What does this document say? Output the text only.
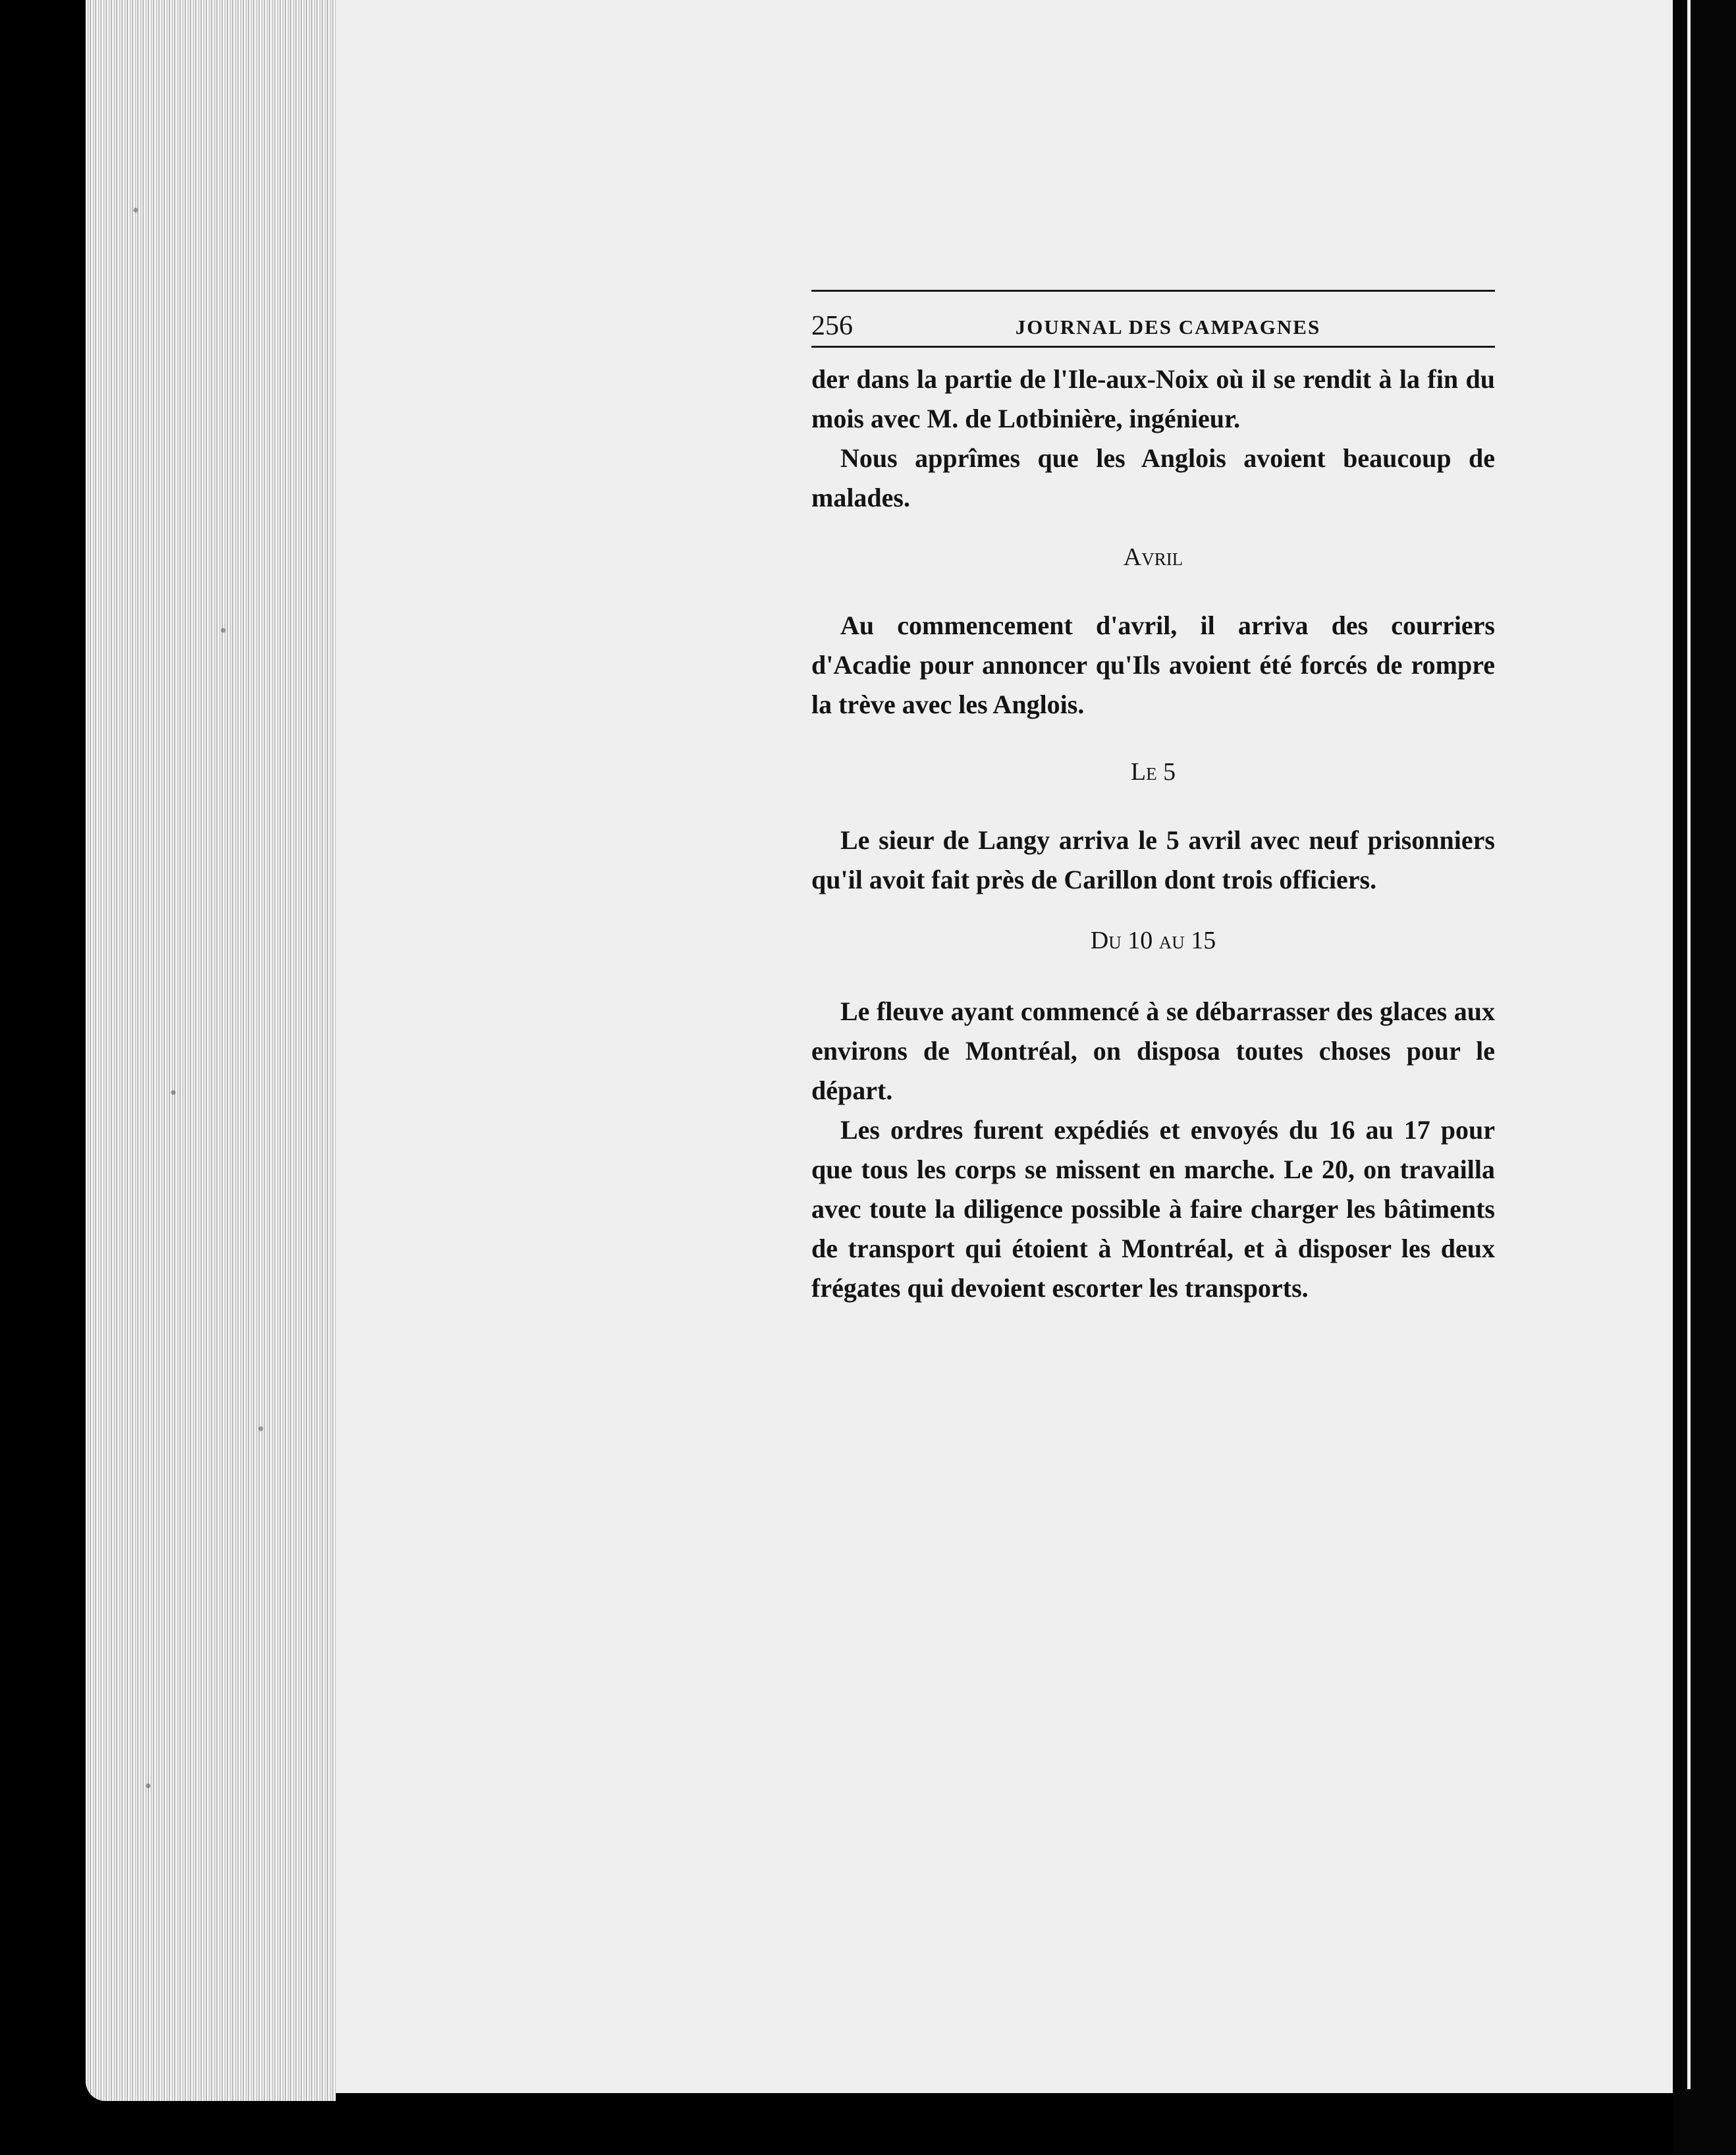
256	JOURNAL DES CAMPAGNES

der dans la partie de l'Ile-aux-Noix où il se rendit à la fin du mois avec M. de Lotbinière, ingénieur.

Nous apprîmes que les Anglois avoient beaucoup de malades.

Avril

Au commencement d'avril, il arriva des courriers d'Acadie pour annoncer qu'Ils avoient été forcés de rompre la trève avec les Anglois.

Le 5

Le sieur de Langy arriva le 5 avril avec neuf prisonniers qu'il avoit fait près de Carillon dont trois officiers.

Du 10 au 15

Le fleuve ayant commencé à se débarrasser des glaces aux environs de Montréal, on disposa toutes choses pour le départ.

Les ordres furent expédiés et envoyés du 16 au 17 pour que tous les corps se missent en marche. Le 20, on travailla avec toute la diligence possible à faire charger les bâtiments de transport qui étoient à Montréal, et à disposer les deux frégates qui devoient escorter les transports.
